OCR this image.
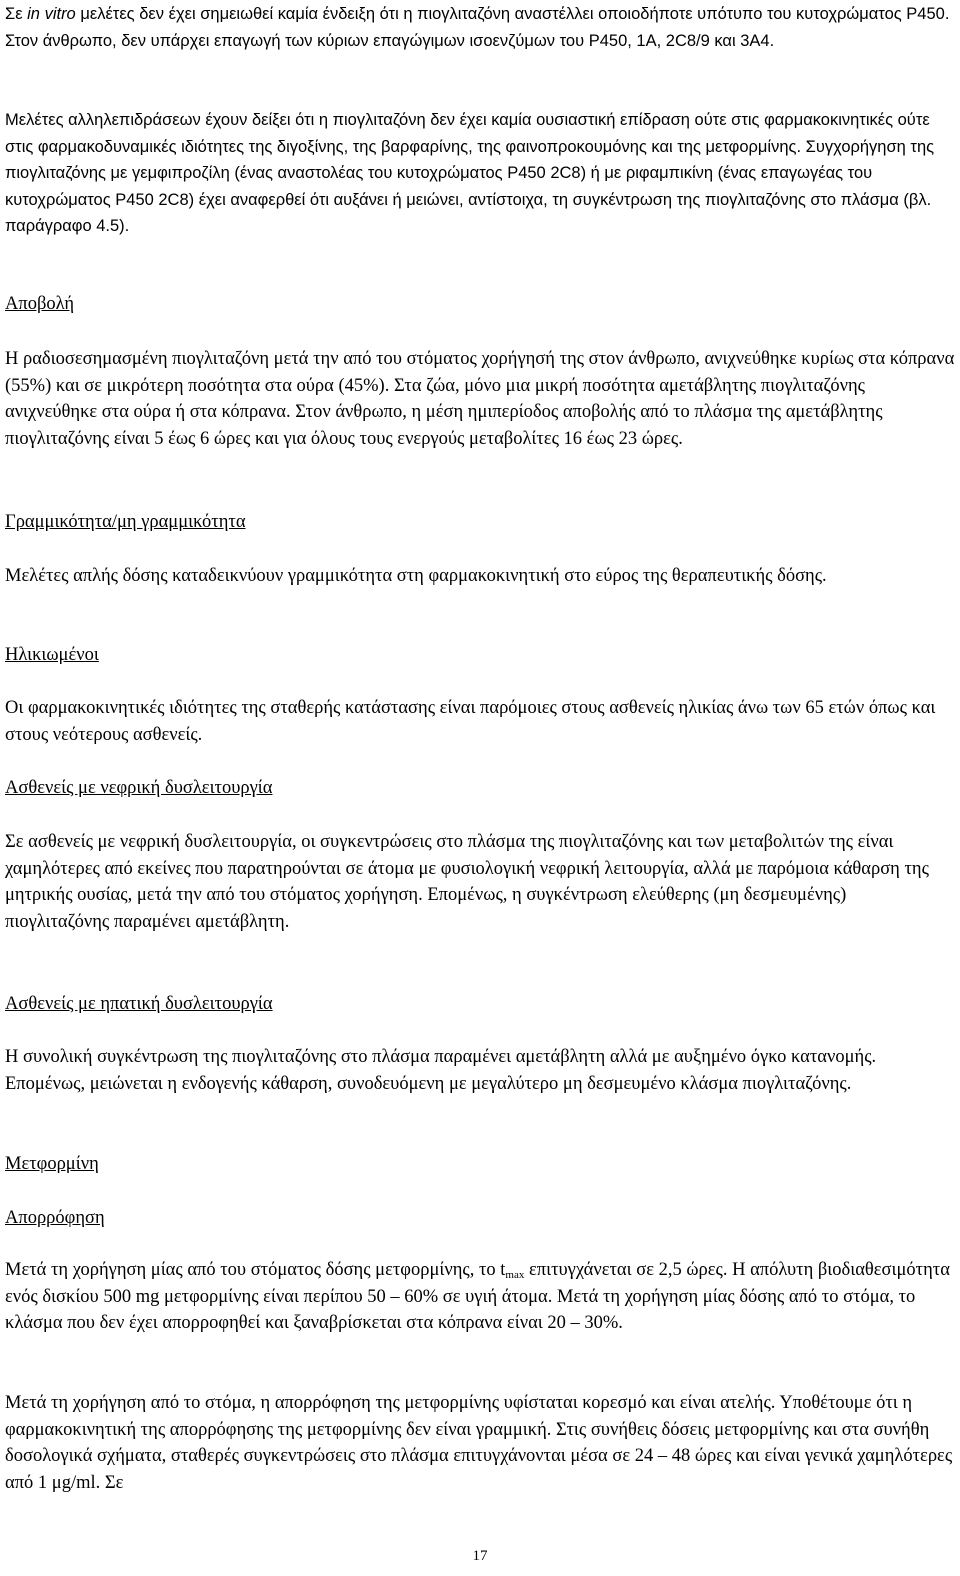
Σε in vitro μελέτες δεν έχει σημειωθεί καμία ένδειξη ότι η πιογλιταζόνη αναστέλλει οποιοδήποτε υπότυπο του κυτοχρώματος P450. Στον άνθρωπο, δεν υπάρχει επαγωγή των κύριων επαγώγιμων ισοενζύμων του P450, 1A, 2C8/9 και 3A4.

Μελέτες αλληλεπιδράσεων έχουν δείξει ότι η πιογλιταζόνη δεν έχει καμία ουσιαστική επίδραση ούτε στις φαρμακοκινητικές ούτε στις φαρμακοδυναμικές ιδιότητες της διγοξίνης, της βαρφαρίνης, της φαινοπροκουμόνης και της μετφορμίνης. Συγχορήγηση της πιογλιταζόνης με γεμφιπροζίλη (ένας αναστολέας του κυτοχρώματος P450 2C8) ή με ριφαμπικίνη (ένας επαγωγέας του κυτοχρώματος P450 2C8) έχει αναφερθεί ότι αυξάνει ή μειώνει, αντίστοιχα, τη συγκέντρωση της πιογλιταζόνης στο πλάσμα (βλ. παράγραφο 4.5).

Αποβολή

Η ραδιοσεσημασμένη πιογλιταζόνη μετά την από του στόματος χορήγησή της στον άνθρωπο, ανιχνεύθηκε κυρίως στα κόπρανα (55%) και σε μικρότερη ποσότητα στα ούρα (45%). Στα ζώα, μόνο μια μικρή ποσότητα αμετάβλητης πιογλιταζόνης ανιχνεύθηκε στα ούρα ή στα κόπρανα. Στον άνθρωπο, η μέση ημιπερίοδος αποβολής από το πλάσμα της αμετάβλητης πιογλιταζόνης είναι 5 έως 6 ώρες και για όλους τους ενεργούς μεταβολίτες 16 έως 23 ώρες.

Γραμμικότητα/μη γραμμικότητα

Μελέτες απλής δόσης καταδεικνύουν γραμμικότητα στη φαρμακοκινητική στο εύρος της θεραπευτικής δόσης.

Ηλικιωμένοι

Οι φαρμακοκινητικές ιδιότητες της σταθερής κατάστασης είναι παρόμοιες στους ασθενείς ηλικίας άνω των 65 ετών όπως και στους νεότερους ασθενείς.

Ασθενείς με νεφρική δυσλειτουργία

Σε ασθενείς με νεφρική δυσλειτουργία, οι συγκεντρώσεις στο πλάσμα της πιογλιταζόνης και των μεταβολιτών της είναι χαμηλότερες από εκείνες που παρατηρούνται σε άτομα με φυσιολογική νεφρική λειτουργία, αλλά με παρόμοια κάθαρση της μητρικής ουσίας, μετά την από του στόματος χορήγηση. Επομένως, η συγκέντρωση ελεύθερης (μη δεσμευμένης) πιογλιταζόνης παραμένει αμετάβλητη.

Ασθενείς με ηπατική δυσλειτουργία

Η συνολική συγκέντρωση της πιογλιταζόνης στο πλάσμα παραμένει αμετάβλητη αλλά με αυξημένο όγκο κατανομής. Επομένως, μειώνεται η ενδογενής κάθαρση, συνοδευόμενη με μεγαλύτερο μη δεσμευμένο κλάσμα πιογλιταζόνης.

Μετφορμίνη
Απορρόφηση

Μετά τη χορήγηση μίας από του στόματος δόσης μετφορμίνης, το $t_{max}$ επιτυγχάνεται σε 2,5 ώρες. Η απόλυτη βιοδιαθεσιμότητα ενός δισκίου 500 mg μετφορμίνης είναι περίπου 50 – 60% σε υγιή άτομα. Μετά τη χορήγηση μίας δόσης από το στόμα, το κλάσμα που δεν έχει απορροφηθεί και ξαναβρίσκεται στα κόπρανα είναι 20 – 30%.

Μετά τη χορήγηση από το στόμα, η απορρόφηση της μετφορμίνης υφίσταται κορεσμό και είναι ατελής. Υποθέτουμε ότι η φαρμακοκινητική της απορρόφησης της μετφορμίνης δεν είναι γραμμική. Στις συνήθεις δόσεις μετφορμίνης και στα συνήθη δοσολογικά σχήματα, σταθερές συγκεντρώσεις στο πλάσμα επιτυγχάνονται μέσα σε 24 – 48 ώρες και είναι γενικά χαμηλότερες από 1 μg/ml. Σε

17
